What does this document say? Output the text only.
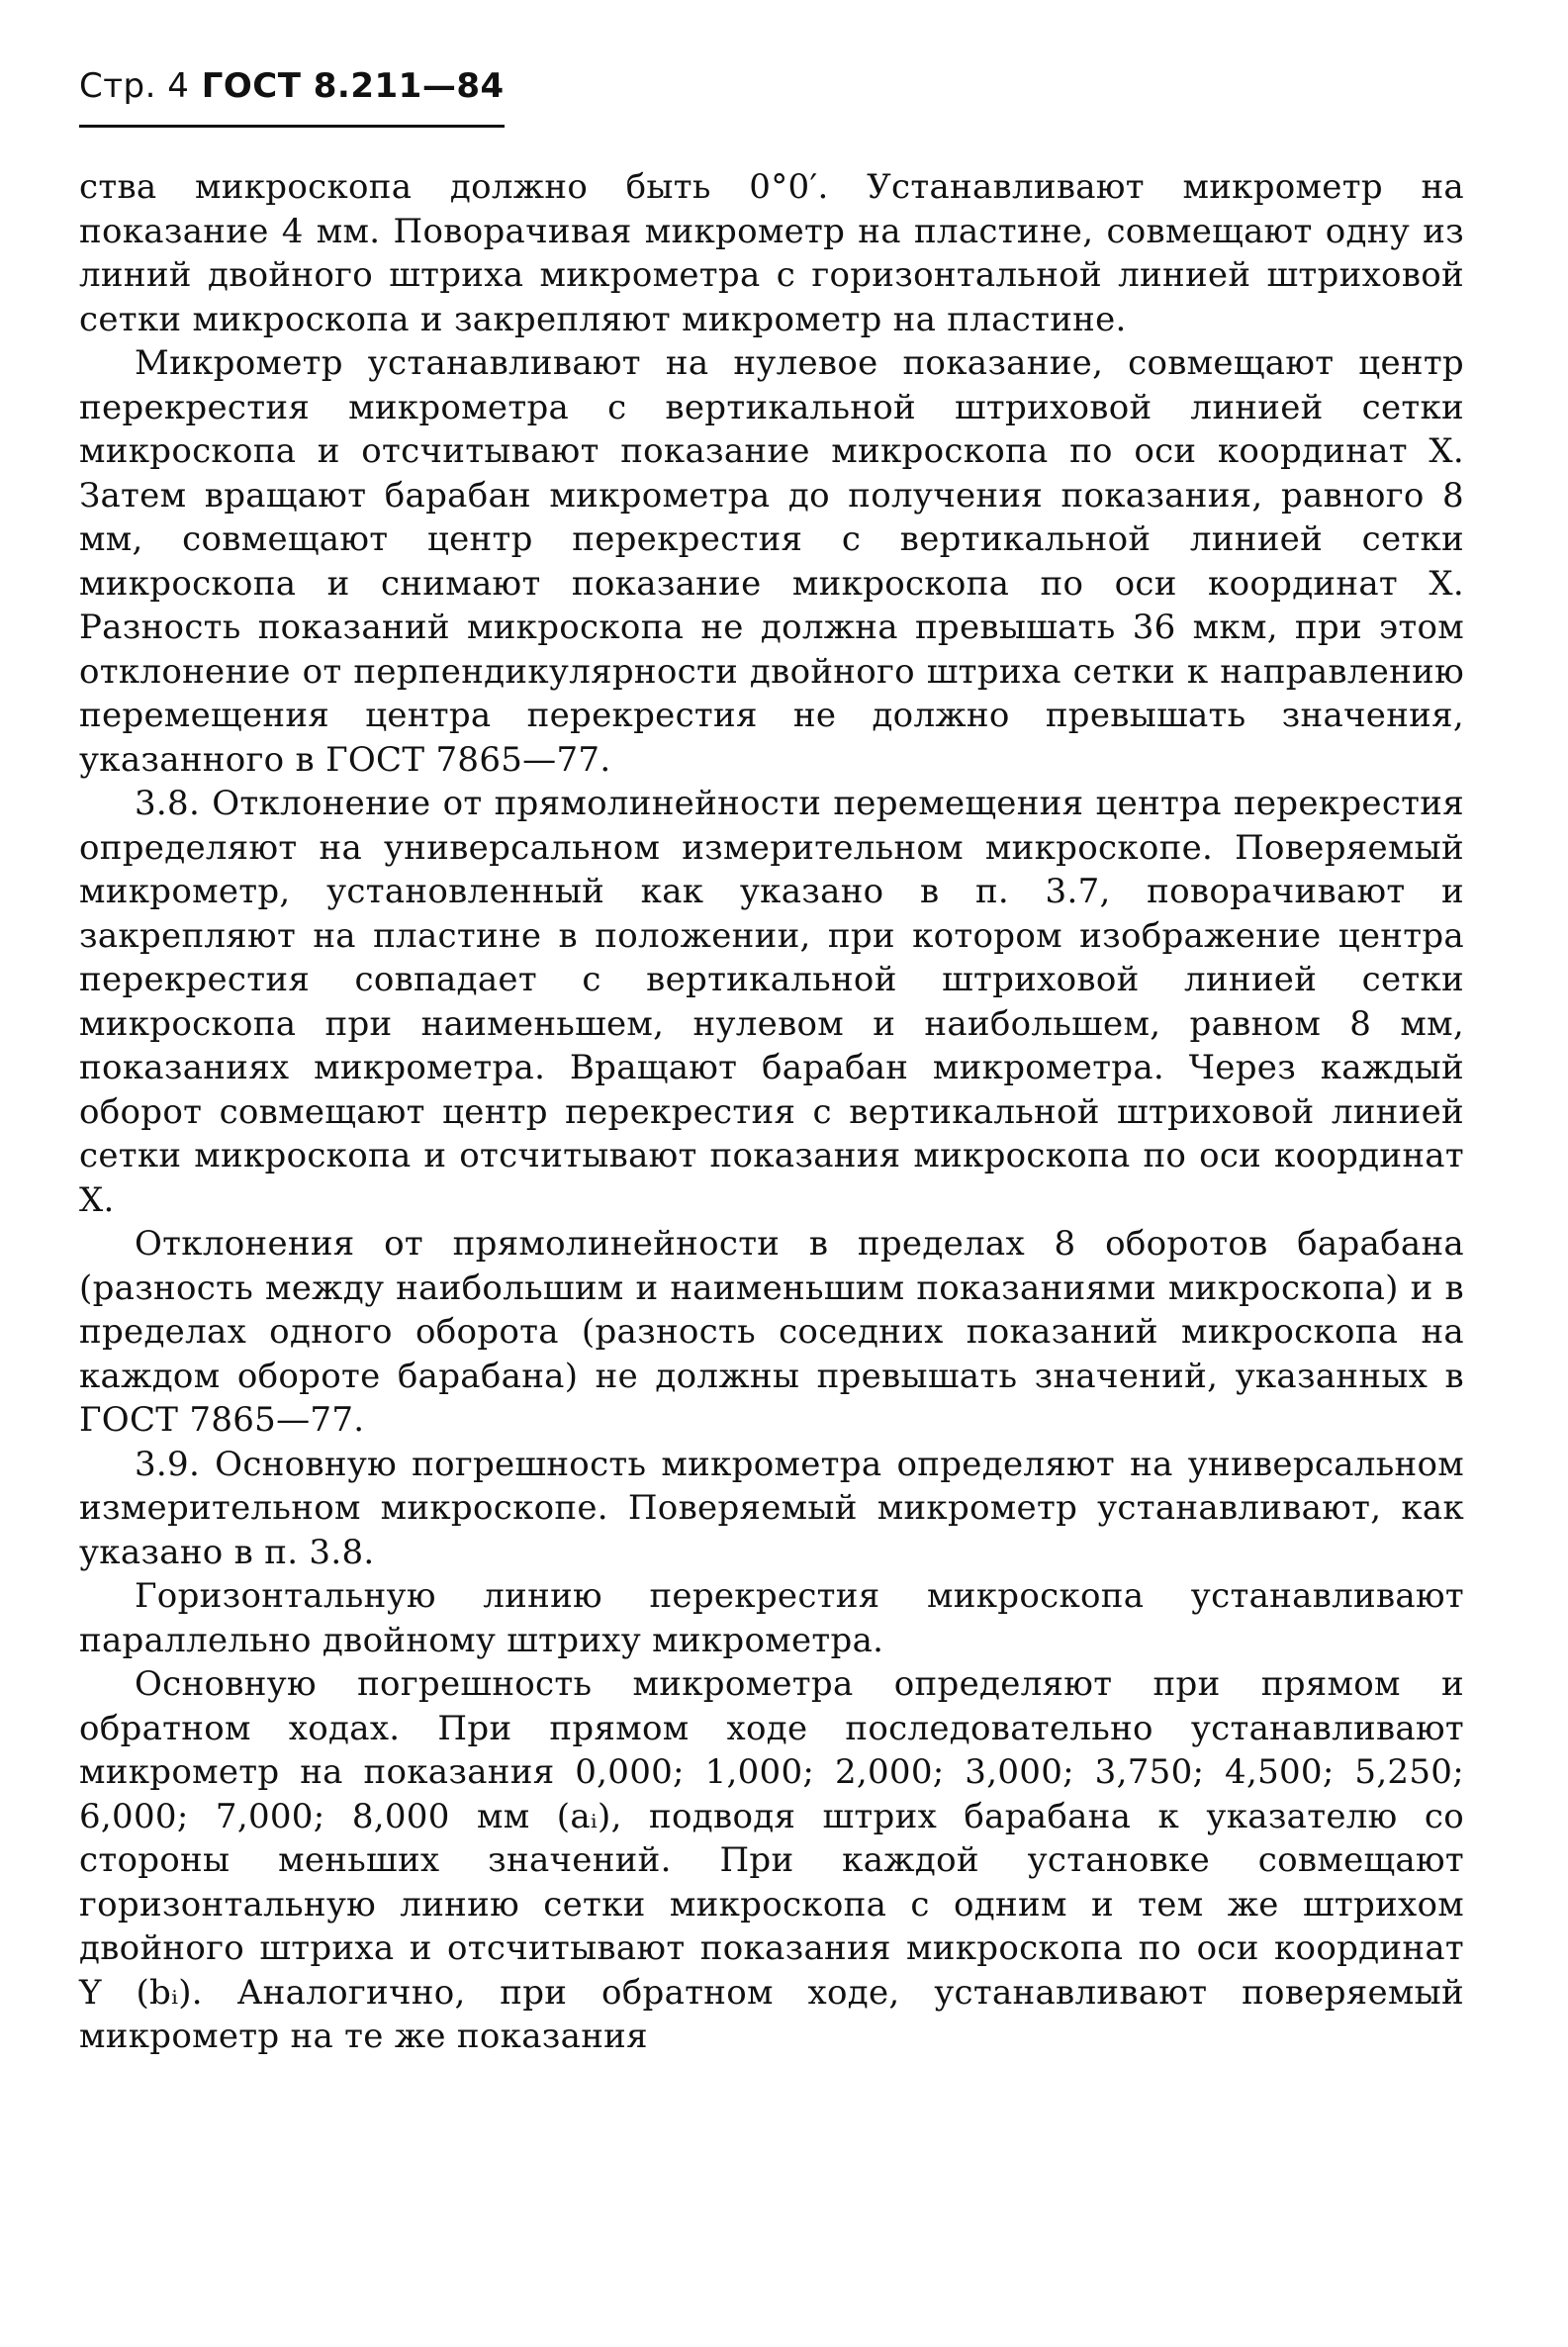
Стр. 4 ГОСТ 8.211—84

ства микроскопа должно быть 0°0′. Устанавливают микрометр на показание 4 мм. Поворачивая микрометр на пластине, совмещают одну из линий двойного штриха микрометра с горизонтальной линией штриховой сетки микроскопа и закрепляют микрометр на пластине.

Микрометр устанавливают на нулевое показание, совмещают центр перекрестия микрометра с вертикальной штриховой линией сетки микроскопа и отсчитывают показание микроскопа по оси координат X. Затем вращают барабан микрометра до получения показания, равного 8 мм, совмещают центр перекрестия с вертикальной линией сетки микроскопа и снимают показание микроскопа по оси координат X. Разность показаний микроскопа не должна превышать 36 мкм, при этом отклонение от перпендикулярности двойного штриха сетки к направлению перемещения центра перекрестия не должно превышать значения, указанного в ГОСТ 7865—77.

3.8. Отклонение от прямолинейности перемещения центра перекрестия определяют на универсальном измерительном микроскопе. Поверяемый микрометр, установленный как указано в п. 3.7, поворачивают и закрепляют на пластине в положении, при котором изображение центра перекрестия совпадает с вертикальной штриховой линией сетки микроскопа при наименьшем, нулевом и наибольшем, равном 8 мм, показаниях микрометра. Вращают барабан микрометра. Через каждый оборот совмещают центр перекрестия с вертикальной штриховой линией сетки микроскопа и отсчитывают показания микроскопа по оси координат X.

Отклонения от прямолинейности в пределах 8 оборотов барабана (разность между наибольшим и наименьшим показаниями микроскопа) и в пределах одного оборота (разность соседних показаний микроскопа на каждом обороте барабана) не должны превышать значений, указанных в ГОСТ 7865—77.

3.9. Основную погрешность микрометра определяют на универсальном измерительном микроскопе. Поверяемый микрометр устанавливают, как указано в п. 3.8.

Горизонтальную линию перекрестия микроскопа устанавливают параллельно двойному штриху микрометра.

Основную погрешность микрометра определяют при прямом и обратном ходах. При прямом ходе последовательно устанавливают микрометр на показания 0,000; 1,000; 2,000; 3,000; 3,750; 4,500; 5,250; 6,000; 7,000; 8,000 мм (aᵢ), подводя штрих барабана к указателю со стороны меньших значений. При каждой установке совмещают горизонтальную линию сетки микроскопа с одним и тем же штрихом двойного штриха и отсчитывают показания микроскопа по оси координат Y (bᵢ). Аналогично, при обратном ходе, устанавливают поверяемый микрометр на те же показания
